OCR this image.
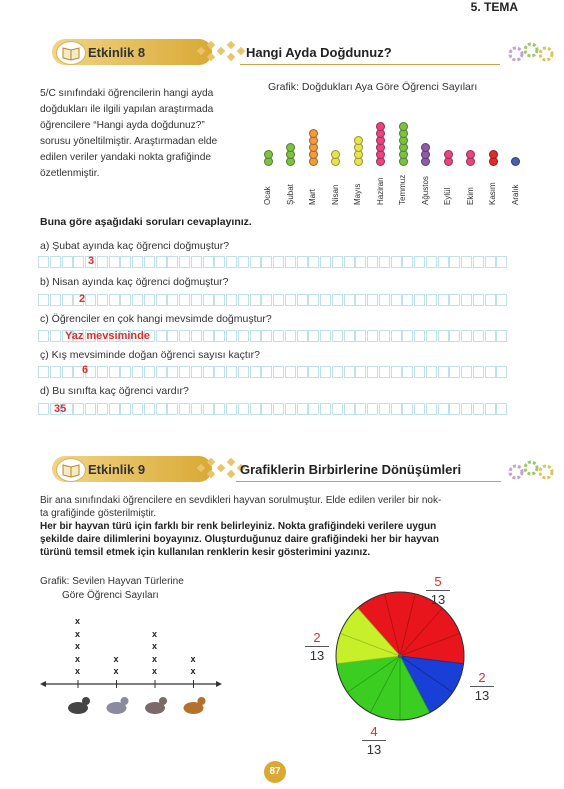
5. TEMA
Etkinlik 8	Hangi Ayda Doğdunuz?
5/C sınıfındaki öğrencilerin hangi ayda
doğdukları ile ilgili yapılan araştırmada
öğrencilere “Hangi ayda doğdunuz?”
sorusu yöneltilmiştir. Araştırmadan elde
edilen veriler yandaki nokta grafiğinde
özetlenmiştir.
Grafik: Doğdukları Aya Göre Öğrenci Sayıları
Ocak Şubat Mart Nisan Mayıs Haziran Temmuz Ağustos Eylül Ekim Kasım Aralık
Buna göre aşağıdaki soruları cevaplayınız.
a) Şubat ayında kaç öğrenci doğmuştur?
3
b) Nisan ayında kaç öğrenci doğmuştur?
2
c) Öğrenciler en çok hangi mevsimde doğmuştur?
Yaz mevsiminde
ç) Kış mevsiminde doğan öğrenci sayısı kaçtır?
6
d) Bu sınıfta kaç öğrenci vardır?
35
Etkinlik 9	Grafiklerin Birbirlerine Dönüşümleri
Bir ana sınıfındaki öğrencilere en sevdikleri hayvan sorulmuştur. Elde edilen veriler bir nok-
ta grafiğinde gösterilmiştir.
Her bir hayvan türü için farklı bir renk belirleyiniz. Nokta grafiğindeki verilere uygun
şekilde daire dilimlerini boyayınız. Oluşturduğunuz daire grafiğindeki her bir hayvan
türünü temsil etmek için kullanılan renklerin kesir gösterimini yazınız.
Grafik: Sevilen Hayvan Türlerine
Göre Öğrenci Sayıları
x
x
x
x
x
x
x
x
x
x
x
x
x
5
13
2
13
4
13
2
13
87
